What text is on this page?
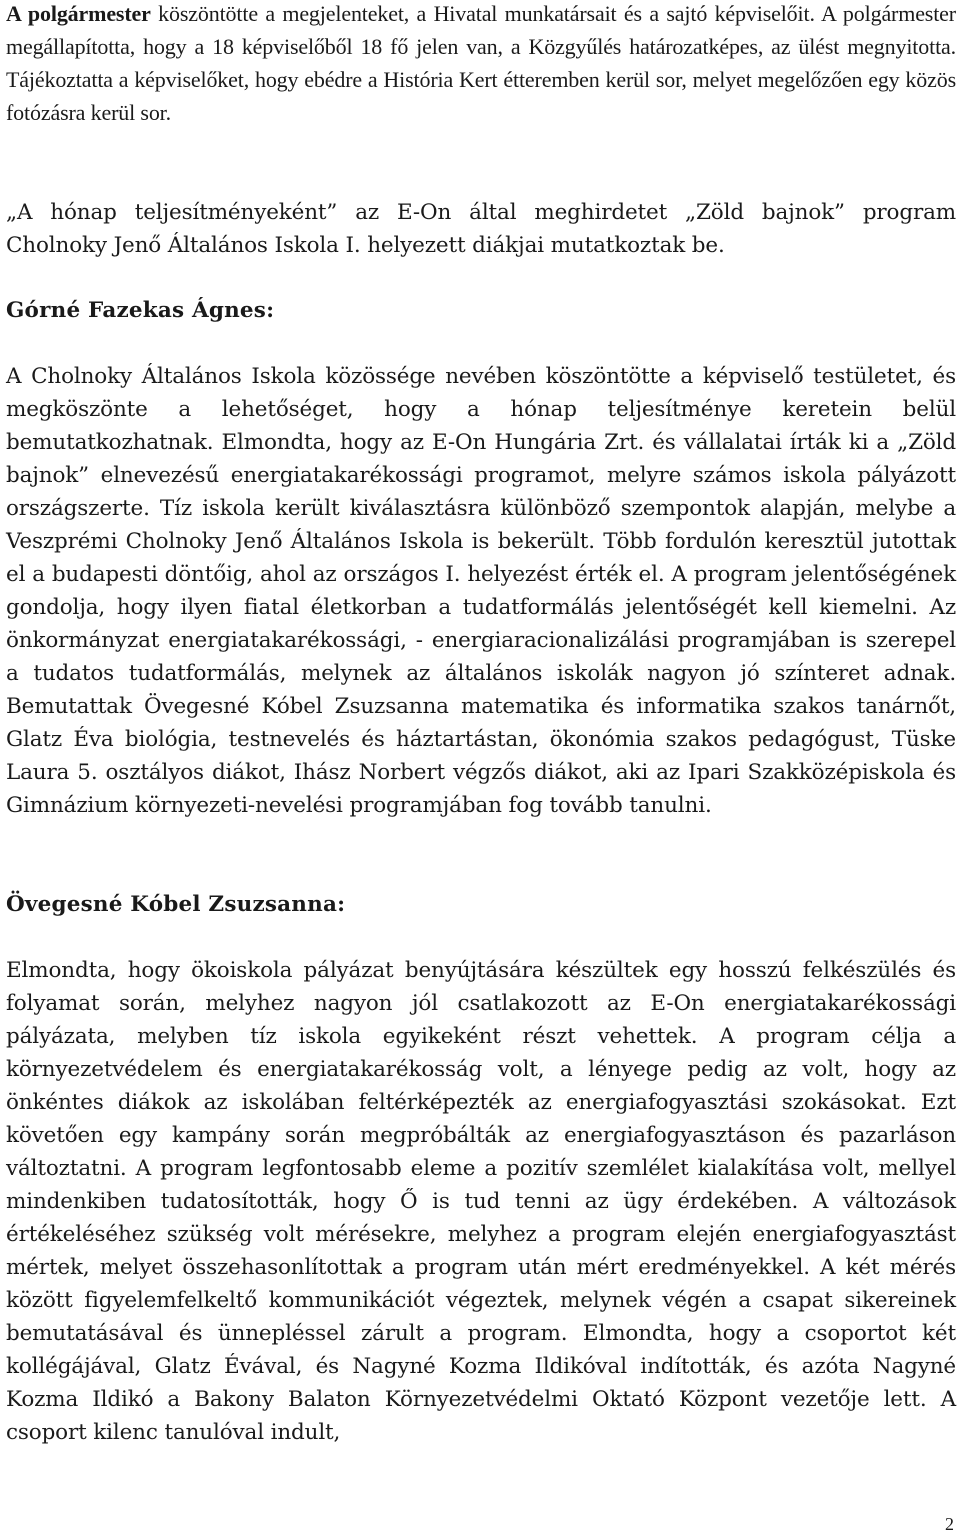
A polgármester köszöntötte a megjelenteket, a Hivatal munkatársait és a sajtó képviselőit. A polgármester megállapította, hogy a 18 képviselőből 18 fő jelen van, a Közgyűlés határozatképes, az ülést megnyitotta. Tájékoztatta a képviselőket, hogy ebédre a História Kert étteremben kerül sor, melyet megelőzően egy közös fotózásra kerül sor.

„A hónap teljesítményeként” az E-On által meghirdetet „Zöld bajnok” program Cholnoky Jenő Általános Iskola I. helyezett diákjai mutatkoztak be.

Górné Fazekas Ágnes:

A Cholnoky Általános Iskola közössége nevében köszöntötte a képviselő testületet, és megköszönte a lehetőséget, hogy a hónap teljesítménye keretein belül bemutatkozhatnak. Elmondta, hogy az E-On Hungária Zrt. és vállalatai írták ki a „Zöld bajnok” elnevezésű energiatakarékossági programot, melyre számos iskola pályázott országszerte. Tíz iskola került kiválasztásra különböző szempontok alapján, melybe a Veszprémi Cholnoky Jenő Általános Iskola is bekerült. Több fordulón keresztül jutottak el a budapesti döntőig, ahol az országos I. helyezést érték el. A program jelentőségének gondolja, hogy ilyen fiatal életkorban a tudatformálás jelentőségét kell kiemelni. Az önkormányzat energiatakarékossági, - energiaracionalizálási programjában is szerepel a tudatos tudatformálás, melynek az általános iskolák nagyon jó színteret adnak. Bemutattak Övegesné Kóbel Zsuzsanna matematika és informatika szakos tanárnőt, Glatz Éva biológia, testnevelés és háztartástan, ökonómia szakos pedagógust, Tüske Laura 5. osztályos diákot, Ihász Norbert végzős diákot, aki az Ipari Szakközépiskola és Gimnázium környezeti-nevelési programjában fog tovább tanulni.

Övegesné Kóbel Zsuzsanna:

Elmondta, hogy ökoiskola pályázat benyújtására készültek egy hosszú felkészülés és folyamat során, melyhez nagyon jól csatlakozott az E-On energiatakarékossági pályázata, melyben tíz iskola egyikeként részt vehettek. A program célja a környezetvédelem és energiatakarékosság volt, a lényege pedig az volt, hogy az önkéntes diákok az iskolában feltérképezték az energiafogyasztási szokásokat. Ezt követően egy kampány során megpróbálták az energiafogyasztáson és pazarláson változtatni. A program legfontosabb eleme a pozitív szemlélet kialakítása volt, mellyel mindenkiben tudatosították, hogy Ő is tud tenni az ügy érdekében. A változások értékeléséhez szükség volt mérésekre, melyhez a program elején energiafogyasztást mértek, melyet összehasonlítottak a program után mért eredményekkel. A két mérés között figyelemfelkeltő kommunikációt végeztek, melynek végén a csapat sikereinek bemutatásával és ünnepléssel zárult a program. Elmondta, hogy a csoportot két kollégájával, Glatz Évával, és Nagyné Kozma Ildikóval indították, és azóta Nagyné Kozma Ildikó a Bakony Balaton Környezetvédelmi Oktató Központ vezetője lett. A csoport kilenc tanulóval indult,

2
